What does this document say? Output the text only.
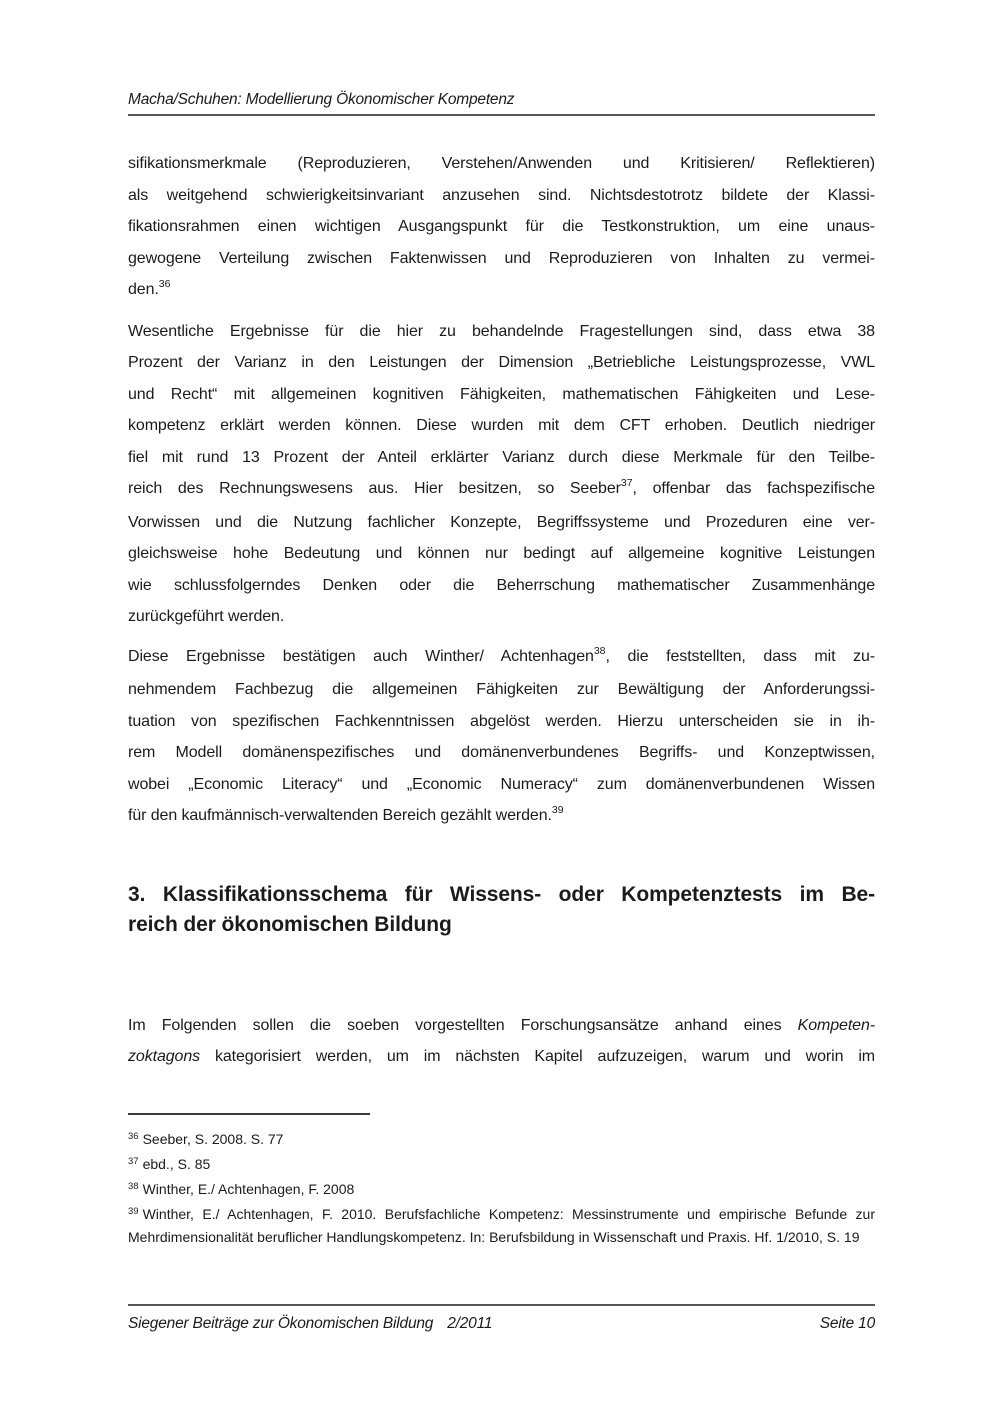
Macha/Schuhen: Modellierung Ökonomischer Kompetenz
sifikationsmerkmale (Reproduzieren, Verstehen/Anwenden und Kritisieren/ Reflektieren)
als weitgehend schwierigkeitsinvariant anzusehen sind. Nichtsdestotrotz bildete der Klassi-
fikationsrahmen einen wichtigen Ausgangspunkt für die Testkonstruktion, um eine unaus-
gewogene Verteilung zwischen Faktenwissen und Reproduzieren von Inhalten zu vermei-
den.$^{36}$
Wesentliche Ergebnisse für die hier zu behandelnde Fragestellungen sind, dass etwa 38
Prozent der Varianz in den Leistungen der Dimension „Betriebliche Leistungsprozesse, VWL
und Recht“ mit allgemeinen kognitiven Fähigkeiten, mathematischen Fähigkeiten und Lese-
kompetenz erklärt werden können. Diese wurden mit dem CFT erhoben. Deutlich niedriger
fiel mit rund 13 Prozent der Anteil erklärter Varianz durch diese Merkmale für den Teilbe-
reich des Rechnungswesens aus. Hier besitzen, so Seeber$^{37}$, offenbar das fachspezifische
Vorwissen und die Nutzung fachlicher Konzepte, Begriffssysteme und Prozeduren eine ver-
gleichsweise hohe Bedeutung und können nur bedingt auf allgemeine kognitive Leistungen
wie schlussfolgerndes Denken oder die Beherrschung mathematischer Zusammenhänge
zurückgeführt werden.
Diese Ergebnisse bestätigen auch Winther/ Achtenhagen$^{38}$, die feststellten, dass mit zu-
nehmendem Fachbezug die allgemeinen Fähigkeiten zur Bewältigung der Anforderungssi-
tuation von spezifischen Fachkenntnissen abgelöst werden. Hierzu unterscheiden sie in ih-
rem Modell domänenspezifisches und domänenverbundenes Begriffs- und Konzeptwissen,
wobei „Economic Literacy“ und „Economic Numeracy“ zum domänenverbundenen Wissen
für den kaufmännisch-verwaltenden Bereich gezählt werden.$^{39}$
3. Klassifikationsschema für Wissens- oder Kompetenztests im Be-
reich der ökonomischen Bildung
Im Folgenden sollen die soeben vorgestellten Forschungsansätze anhand eines Kompeten-
zoktagons kategorisiert werden, um im nächsten Kapitel aufzuzeigen, warum und worin im
$^{36}$ Seeber, S. 2008. S. 77
$^{37}$ ebd., S. 85
$^{38}$ Winther, E./ Achtenhagen, F. 2008
$^{39}$ Winther, E./ Achtenhagen, F. 2010. Berufsfachliche Kompetenz: Messinstrumente und empirische Befunde zur Mehrdimensionalität beruflicher Handlungskompetenz. In: Berufsbildung in Wissenschaft und Praxis. Hf. 1/2010, S. 19
Siegener Beiträge zur Ökonomischen Bildung 2/2011	Seite 10
